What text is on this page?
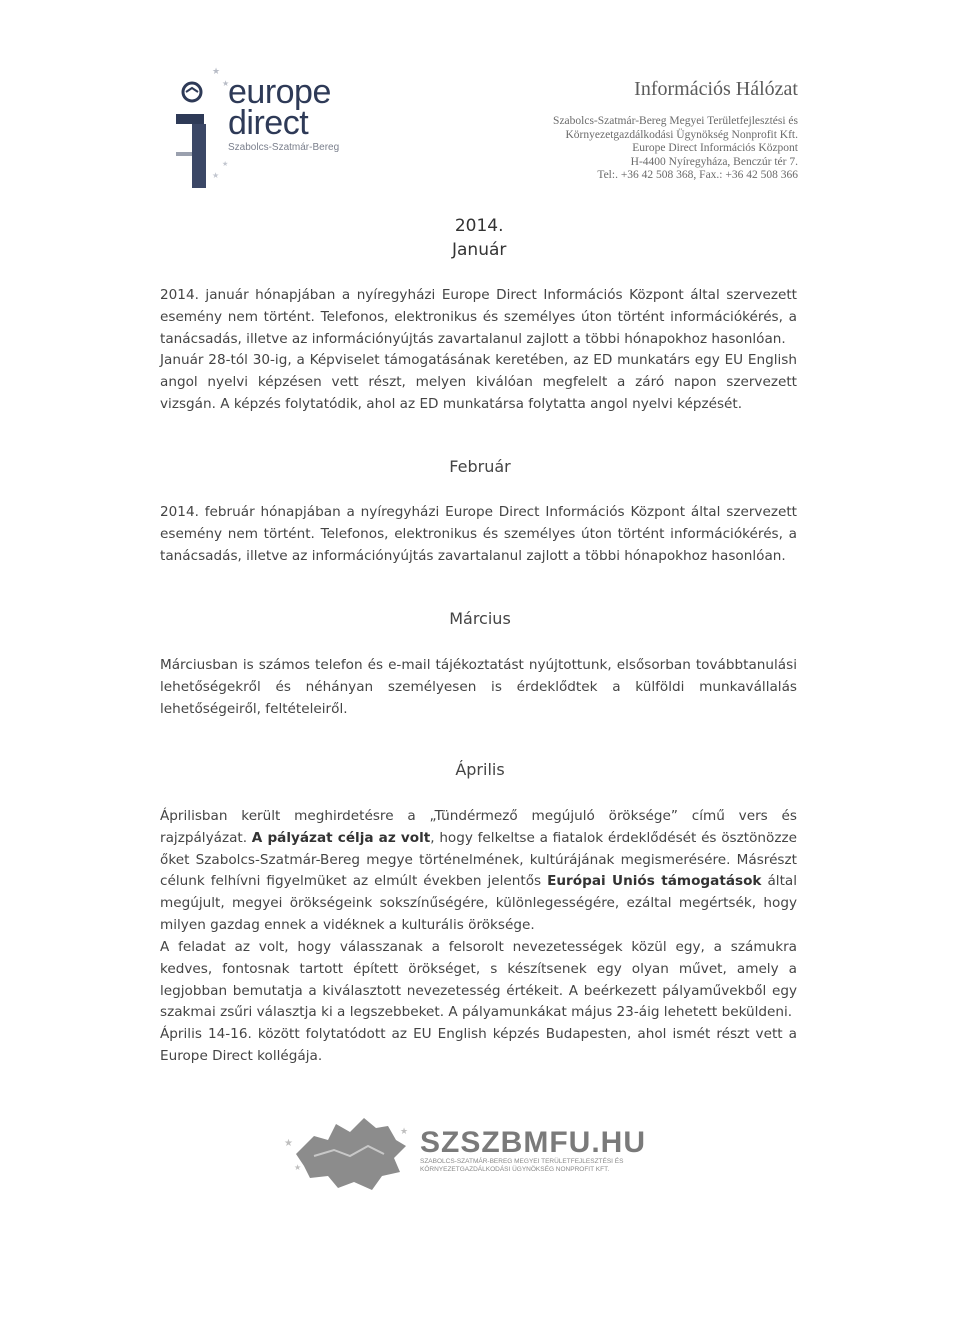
★
★
★
★
europe
direct
Szabolcs-Szatmár-Bereg
Információs Hálózat
Szabolcs-Szatmár-Bereg Megyei Területfejlesztési és
Környezetgazdálkodási Ügynökség Nonprofit Kft.
Europe Direct Információs Központ
H-4400 Nyíregyháza, Benczúr tér 7.
Tel:. +36 42 508 368, Fax.: +36 42 508 366
2014.
Január

2014. január hónapjában a nyíregyházi Europe Direct Információs Központ által szervezett esemény nem történt. Telefonos, elektronikus és személyes úton történt információkérés, a tanácsadás, illetve az információnyújtás zavartalanul zajlott a többi hónapokhoz hasonlóan.

Január 28-tól 30-ig, a Képviselet támogatásának keretében, az ED munkatárs egy EU English angol nyelvi képzésen vett részt, melyen kiválóan megfelelt a záró napon szervezett vizsgán. A képzés folytatódik, ahol az ED munkatársa folytatta angol nyelvi képzését.

Február

2014. február hónapjában a nyíregyházi Europe Direct Információs Központ által szervezett esemény nem történt. Telefonos, elektronikus és személyes úton történt információkérés, a tanácsadás, illetve az információnyújtás zavartalanul zajlott a többi hónapokhoz hasonlóan.

Március

Márciusban is számos telefon és e-mail tájékoztatást nyújtottunk, elsősorban továbbtanulási lehetőségekről és néhányan személyesen is érdeklődtek a külföldi munkavállalás lehetőségeiről, feltételeiről.

Április

Áprilisban került meghirdetésre a „Tündérmező megújuló öröksége” című vers és rajzpályázat. A pályázat célja az volt, hogy felkeltse a fiatalok érdeklődését és ösztönözze őket Szabolcs-Szatmár-Bereg megye történelmének, kultúrájának megismerésére. Másrészt célunk felhívni figyelmüket az elmúlt években jelentős Európai Uniós támogatások által megújult, megyei örökségeink sokszínűségére, különlegességére, ezáltal megértsék, hogy milyen gazdag ennek a vidéknek a kulturális öröksége.

A feladat az volt, hogy válasszanak a felsorolt nevezetességek közül egy, a számukra kedves, fontosnak tartott épített örökséget, s készítsenek egy olyan művet, amely a legjobban bemutatja a kiválasztott nevezetesség értékeit. A beérkezett pályaművekből egy szakmai zsűri választja ki a legszebbeket. A pályamunkákat május 23-áig lehetett beküldeni.

Április 14-16. között folytatódott az EU English képzés Budapesten, ahol ismét részt vett a Europe Direct kollégája.

★
★
★ SZSZBMFU.HU
SZABOLCS-SZATMÁR-BEREG MEGYEI TERÜLETFEJLESZTÉSI ÉS
KÖRNYEZETGAZDÁLKODÁSI ÜGYNÖKSÉG NONPROFIT KFT.
